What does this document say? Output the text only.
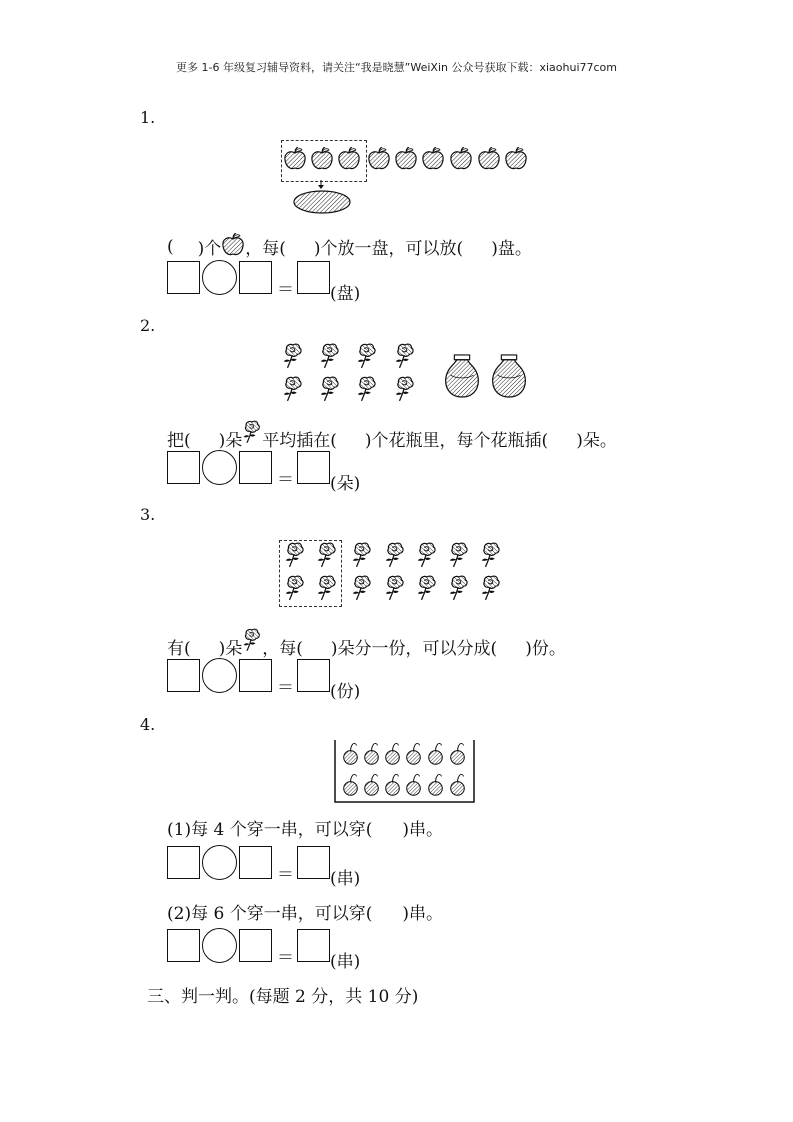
更多 1-6 年级复习辅导资料，请关注“我是晓慧”WeiXin 公众号获取下载：xiaohui77com
1.
( )个 ，每( )个放一盘，可以放( )盘。
＝ (盘)
2.
把( )朵 平均插在( )个花瓶里，每个花瓶插( )朵。
＝ (朵)
3.
有( )朵 ，每( )朵分一份，可以分成( )份。
＝ (份)
4.
(1)每 4 个穿一串，可以穿( )串。
＝ (串)
(2)每 6 个穿一串，可以穿( )串。
＝ (串)
三、判一判。(每题 2 分，共 10 分)
